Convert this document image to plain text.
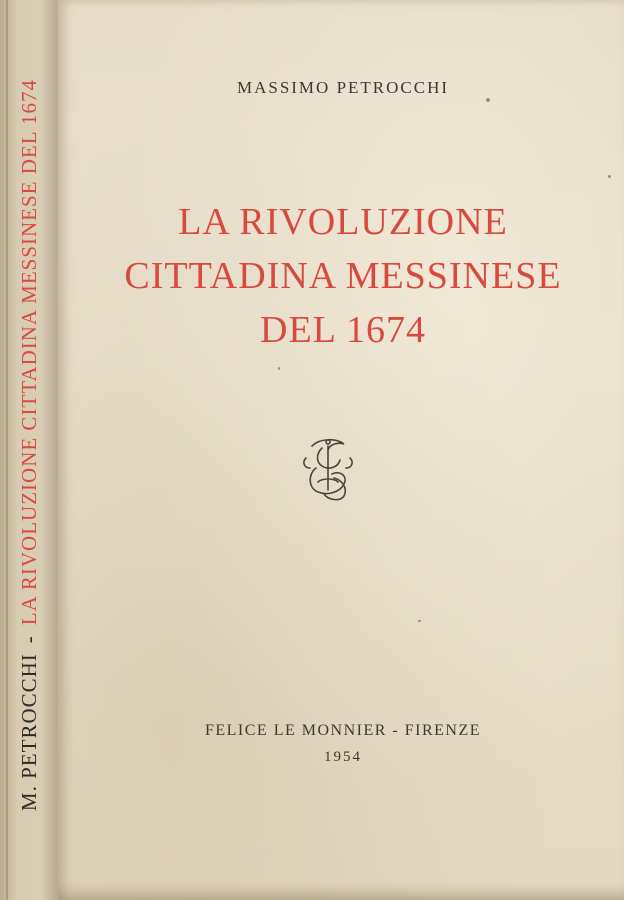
M. PETROCCHI
-
LA RIVOLUZIONE CITTADINA MESSINESE DEL 1674	MASSIMO PETROCCHI
LA RIVOLUZIONE
CITTADINA MESSINESE
DEL 1674
FELICE LE MONNIER - FIRENZE
1954
